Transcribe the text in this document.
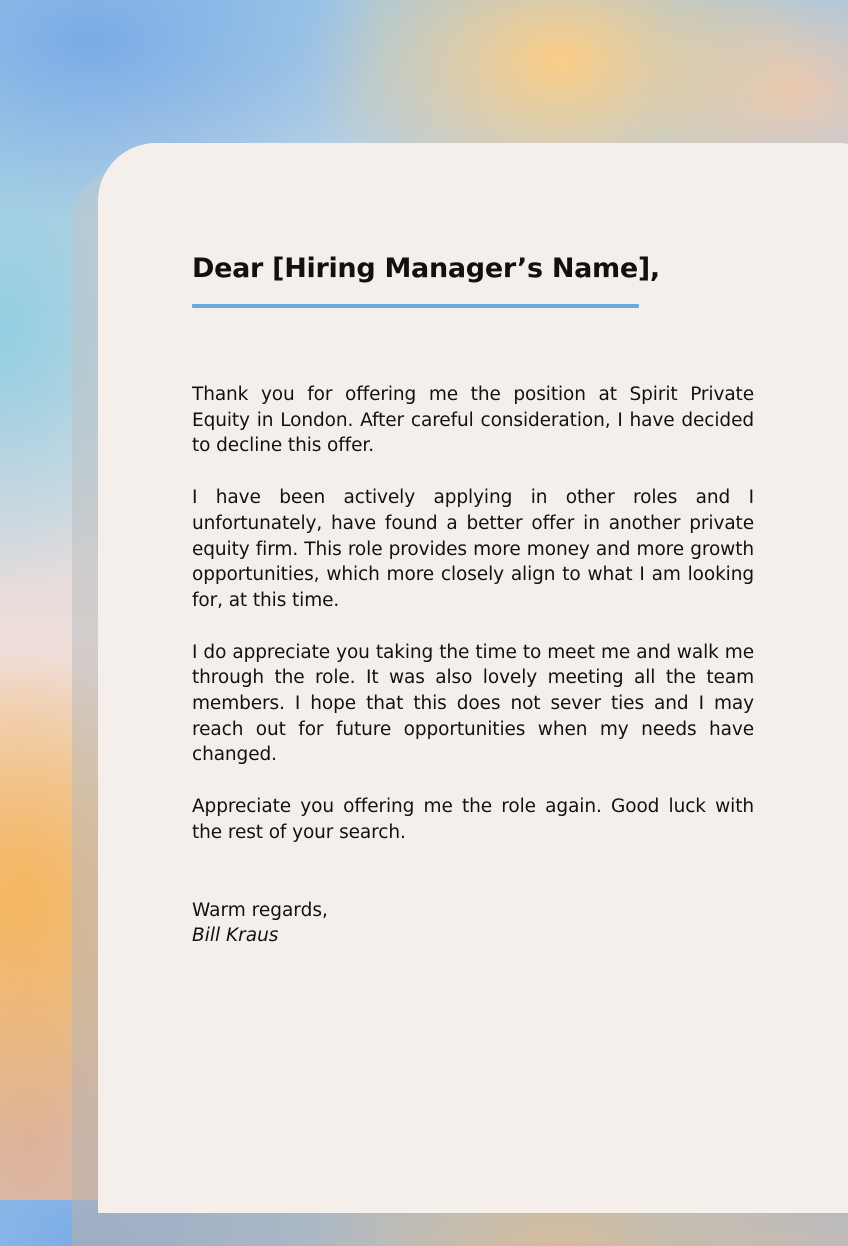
Dear [Hiring Manager’s Name],

Thank you for offering me the position at Spirit Private Equity in London. After careful consideration, I have decided to decline this offer.

I have been actively applying in other roles and I unfortunately, have found a better offer in another private equity firm. This role provides more money and more growth opportunities, which more closely align to what I am looking for, at this time.

I do appreciate you taking the time to meet me and walk me through the role. It was also lovely meeting all the team members. I hope that this does not sever ties and I may reach out for future opportunities when my needs have changed.

Appreciate you offering me the role again. Good luck with the rest of your search.

Warm regards,
Bill Kraus
